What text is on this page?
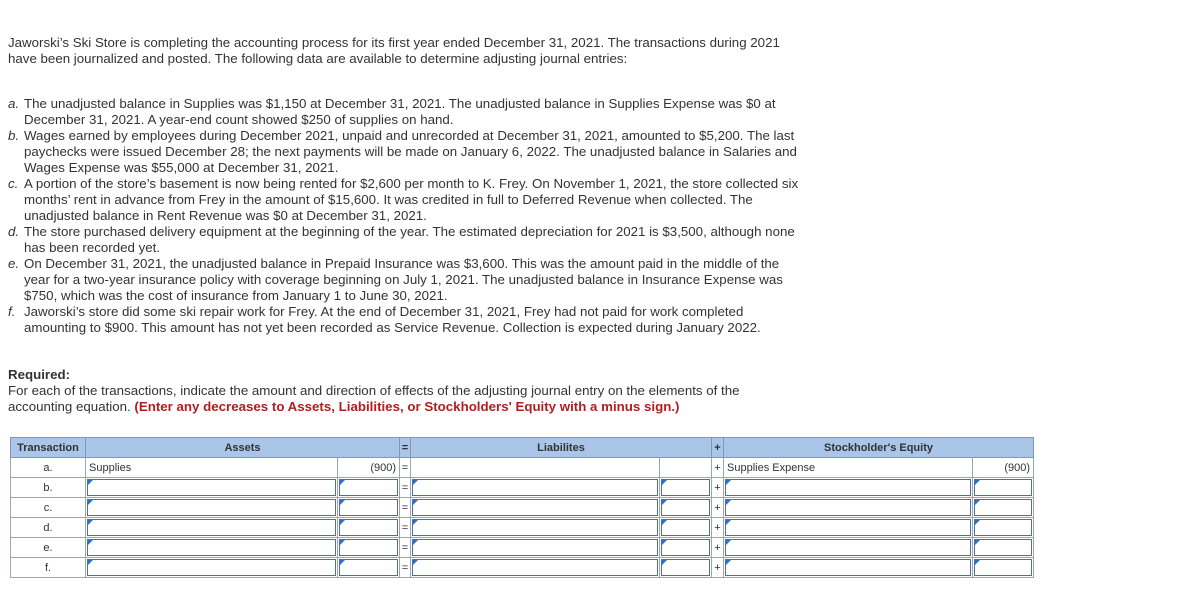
Jaworski’s Ski Store is completing the accounting process for its first year ended December 31, 2021. The transactions during 2021
have been journalized and posted. The following data are available to determine adjusting journal entries:
a. The unadjusted balance in Supplies was $1,150 at December 31, 2021. The unadjusted balance in Supplies Expense was $0 at
December 31, 2021. A year-end count showed $250 of supplies on hand.
b. Wages earned by employees during December 2021, unpaid and unrecorded at December 31, 2021, amounted to $5,200. The last
paychecks were issued December 28; the next payments will be made on January 6, 2022. The unadjusted balance in Salaries and
Wages Expense was $55,000 at December 31, 2021.
c. A portion of the store’s basement is now being rented for $2,600 per month to K. Frey. On November 1, 2021, the store collected six
months’ rent in advance from Frey in the amount of $15,600. It was credited in full to Deferred Revenue when collected. The
unadjusted balance in Rent Revenue was $0 at December 31, 2021.
d. The store purchased delivery equipment at the beginning of the year. The estimated depreciation for 2021 is $3,500, although none
has been recorded yet.
e. On December 31, 2021, the unadjusted balance in Prepaid Insurance was $3,600. This was the amount paid in the middle of the
year for a two-year insurance policy with coverage beginning on July 1, 2021. The unadjusted balance in Insurance Expense was
$750, which was the cost of insurance from January 1 to June 30, 2021.
f. Jaworski’s store did some ski repair work for Frey. At the end of December 31, 2021, Frey had not paid for work completed
amounting to $900. This amount has not yet been recorded as Service Revenue. Collection is expected during January 2022.
Required:
For each of the transactions, indicate the amount and direction of effects of the adjusting journal entry on the elements of the
accounting equation. (Enter any decreases to Assets, Liabilities, or Stockholders' Equity with a minus sign.)
Transaction	Assets		=	Liabilites		+	Stockholder's Equity	
a.	Supplies	(900)	=			+	Supplies Expense	(900)
b.			=			+	

c.			=			+	

d.			=			+	

e.			=			+	

f.			=			+	
